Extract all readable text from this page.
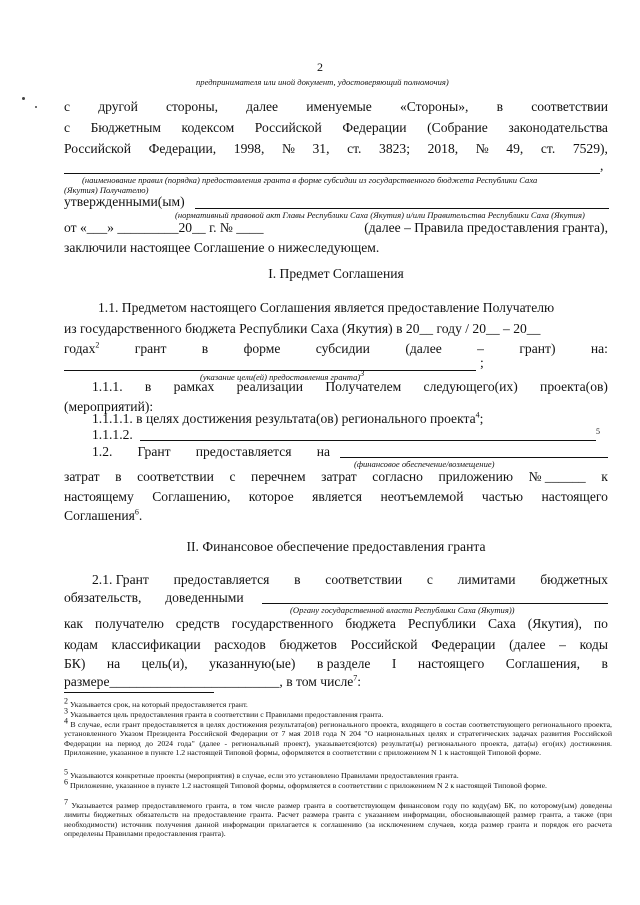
2
предпринимателя или иной документ, удостоверяющий полномочия)
с другой стороны, далее именуемые «Стороны», в соответствии
с Бюджетным кодексом Российской Федерации (Собрание законодательства
Российской Федерации, 1998, № 31, ст. 3823; 2018, № 49, ст. 7529),
,
(наименование правил (порядка) предоставления гранта в форме субсидии из государственного бюджета Республики Саха
(Якутия) Получателю)
утвержденными(ым)
(нормативный правовой акт Главы Республики Саха (Якутия) и/или Правительства Республики Саха (Якутия)
от «___» _________20__ г. № ____	(далее – Правила предоставления гранта),
заключили настоящее Соглашение о нижеследующем.
I. Предмет Соглашения
1.1. Предметом настоящего Соглашения является предоставление Получателю
из государственного бюджета Республики Саха (Якутия) в 20__ году / 20__ – 20__
годах$^2$	грант	в	форме	субсидии	(далее	–	грант)	на:
;
(указание цели(ей) предоставления гранта)$^3$
1.1.1. в рамках реализации Получателем следующего(их) проекта(ов)
(мероприятий):
1.1.1.1. в целях достижения результата(ов) регионального проекта$^4$;
1.1.1.2.	5
1.2. Грант предоставляется на
(финансовое обеспечение/возмещение)
затрат в соответствии с перечнем затрат согласно приложению № ______ к
настоящему Соглашению, которое является неотъемлемой частью настоящего
Соглашения$^6$.
II. Финансовое обеспечение предоставления гранта
2.1. Грант предоставляется в соответствии с лимитами бюджетных
обязательств,       доведенными
(Органу государственной власти Республики Саха (Якутия))
как получателю средств государственного бюджета Республики Саха (Якутия), по
кодам классификации расходов бюджетов Российской Федерации (далее – коды
БК) на цель(и), указанную(ые) в разделе I настоящего Соглашения, в
размере_________________________, в том числе$^7$:
$^2$ Указывается срок, на который предоставляется грант.
$^3$ Указывается цель предоставления гранта в соответствии с Правилами предоставления гранта.
$^4$ В случае, если грант предоставляется в целях достижения результата(ов) регионального проекта, входящего в состав соответствующего регионального проекта, установленного Указом Президента Российской Федерации от 7 мая 2018 года N 204 "О национальных целях и стратегических задачах развития Российской Федерации на период до 2024 года" (далее - региональный проект), указывается(ются) результат(ы) регионального проекта, дата(ы) его(их) достижения. Приложение, указанное в пункте 1.2 настоящей Типовой формы, оформляется в соответствии с приложением N 1 к настоящей Типовой форме.
$^5$ Указываются конкретные проекты (мероприятия) в случае, если это установлено Правилами предоставления гранта.
$^6$ Приложение, указанное в пункте 1.2 настоящей Типовой формы, оформляется в соответствии с приложением N 2 к настоящей Типовой форме.
$^7$ Указывается размер предоставляемого гранта, в том числе размер гранта в соответствующем финансовом году по коду(ам) БК, по которому(ым) доведены лимиты бюджетных обязательств на предоставление гранта. Расчет размера гранта с указанием информации, обосновывающей размер гранта, а также (при необходимости) источник получения данной информации прилагается к соглашению (за исключением случаев, когда размер гранта и порядок его расчета определены Правилами предоставления гранта).
